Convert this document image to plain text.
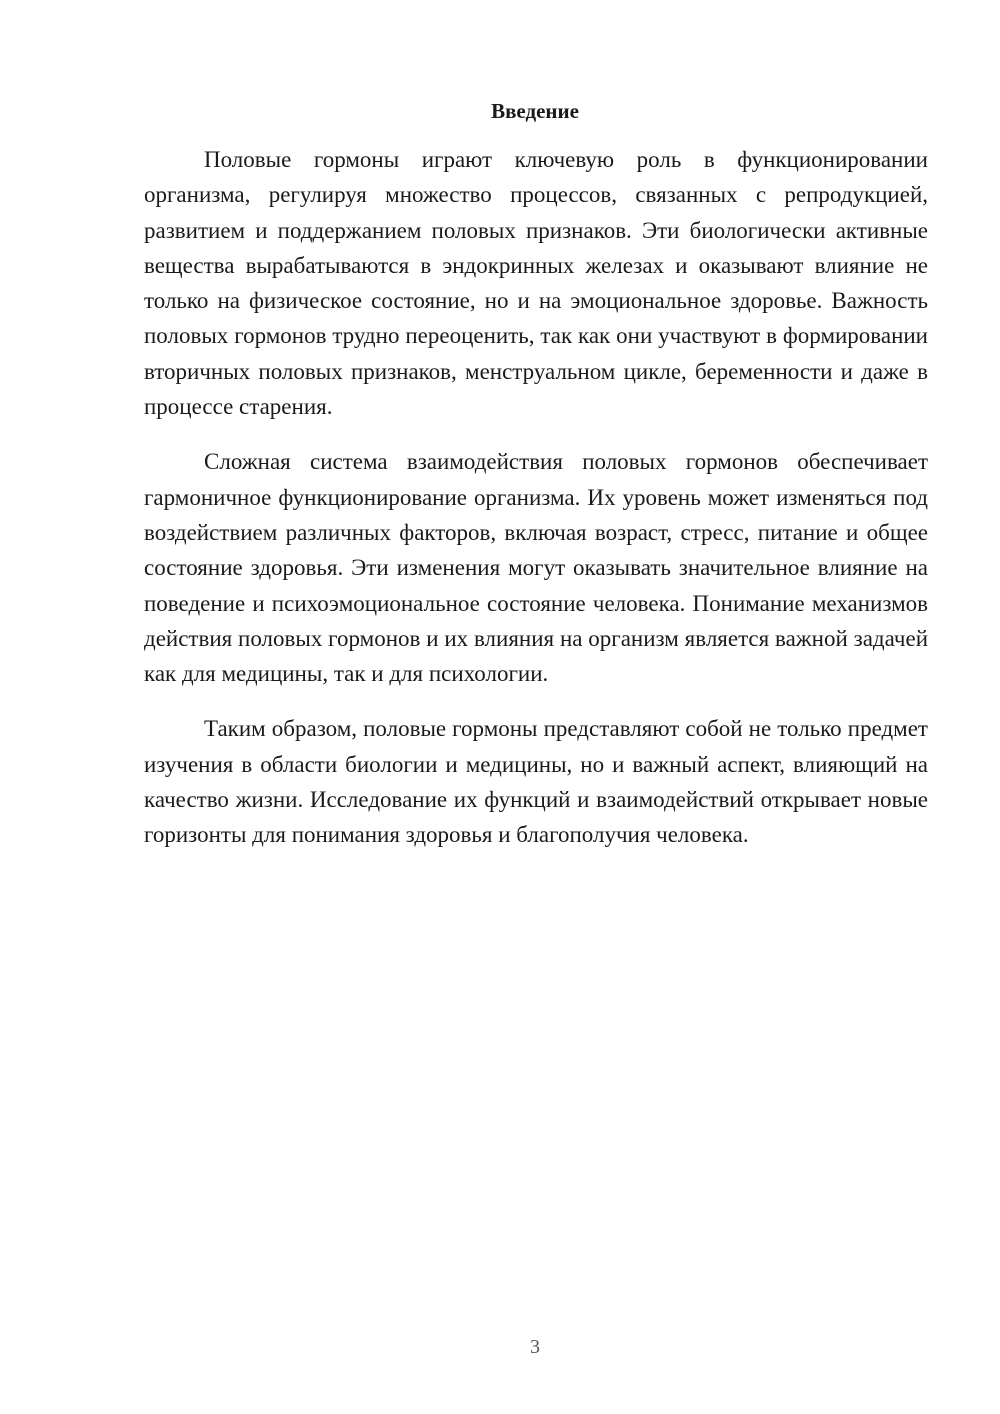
Введение

Половые гормоны играют ключевую роль в функционировании организма, регулируя множество процессов, связанных с репродукцией, развитием и поддержанием половых признаков. Эти биологически активные вещества вырабатываются в эндокринных железах и оказывают влияние не только на физическое состояние, но и на эмоциональное здоровье. Важность половых гормонов трудно переоценить, так как они участвуют в формировании вторичных половых признаков, менструальном цикле, беременности и даже в процессе старения.

Сложная система взаимодействия половых гормонов обеспечивает гармоничное функционирование организма. Их уровень может изменяться под воздействием различных факторов, включая возраст, стресс, питание и общее состояние здоровья. Эти изменения могут оказывать значительное влияние на поведение и психоэмоциональное состояние человека. Понимание механизмов действия половых гормонов и их влияния на организм является важной задачей как для медицины, так и для психологии.

Таким образом, половые гормоны представляют собой не только предмет изучения в области биологии и медицины, но и важный аспект, влияющий на качество жизни. Исследование их функций и взаимодействий открывает новые горизонты для понимания здоровья и благополучия человека.

3
